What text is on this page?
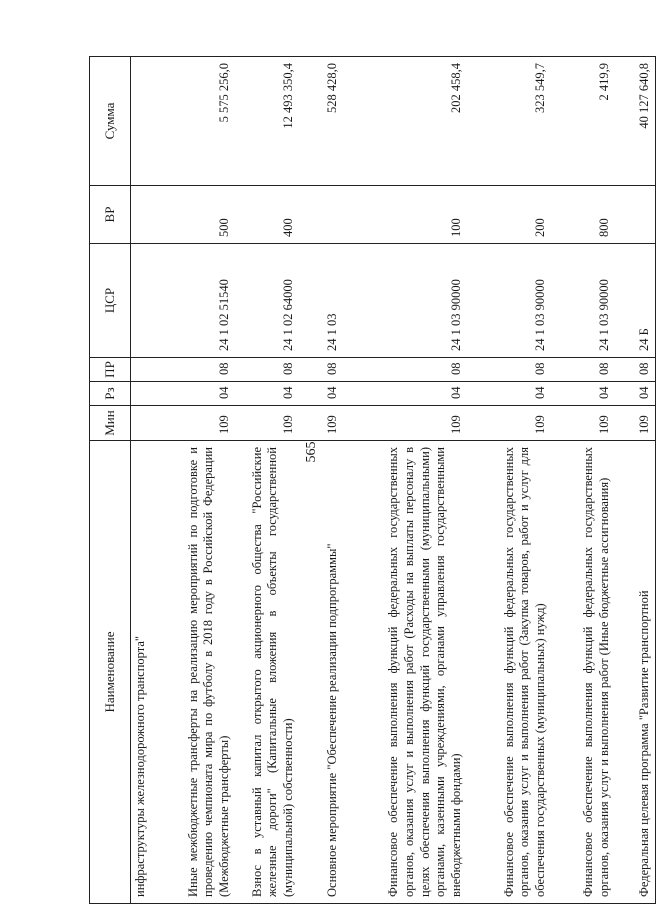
565
Наименование	Мин	Рз	ПР	ЦСР	ВР	Сумма
инфраструктуры железнодорожного транспорта"						
Иные межбюджетные трансферты на реализацию мероприятий по подготовке и проведению чемпионата мира по футболу в 2018 году в Российской Федерации (Межбюджетные трансферты)	109	04	08	24 1 02 51540	500	5 575 256,0
Взнос в уставный капитал открытого акционерного общества "Российские железные дороги" (Капитальные вложения в объекты государственной (муниципальной) собственности)	109	04	08	24 1 02 64000	400	12 493 350,4
Основное мероприятие "Обеспечение реализации подпрограммы"	109	04	08	24 1 03		528 428,0
Финансовое обеспечение выполнения функций федеральных государственных органов, оказания услуг и выполнения работ (Расходы на выплаты персоналу в целях обеспечения выполнения функций государственными (муниципальными) органами, казенными учреждениями, органами управления государственными внебюджетными фондами)	109	04	08	24 1 03 90000	100	202 458,4
Финансовое обеспечение выполнения функций федеральных государственных органов, оказания услуг и выполнения работ (Закупка товаров, работ и услуг для обеспечения государственных (муниципальных) нужд)	109	04	08	24 1 03 90000	200	323 549,7
Финансовое обеспечение выполнения функций федеральных государственных органов, оказания услуг и выполнения работ (Иные бюджетные ассигнования)	109	04	08	24 1 03 90000	800	2 419,9
Федеральная целевая программа "Развитие транспортной	109	04	08	24 Б		40 127 640,8
